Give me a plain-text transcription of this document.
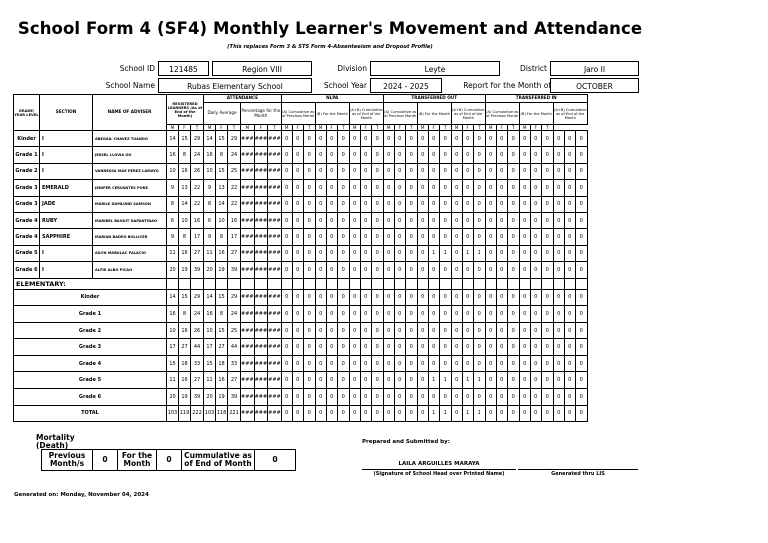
School Form 4 (SF4) Monthly Learner's Movement and Attendance
(This replaces Form 3 & STS Form 4-Absenteeism and Dropout Profile)
School ID	121485	Region VIII	Division	Leyte	District	Jaro II
School Name	Rubas Elementary School	School Year	2024 - 2025	Report for the Month of	OCTOBER
GRADE/ YEAR LEVEL	SECTION	NAME OF ADVISER	REGISTERED LEARNERS (As of End of the Month)			ATTENDANCE						NLPA									TRANSFERRED OUT									TRANSFERRED IN								
						Daily Average			Percentage for the Month			(A) Cumulative as of Previous Month			(B) For the Month			(A+B) Cumulative as of End of the Month			(A) Cumulative as of Previous Month			(B) For the Month			(A+B) Cumulative as of End of the Month			(A) Cumulative as of Previous Month			(B) For the Month			(A+B) Cumulative as of End of the Month		
			M	F	T	M	F	T	M	F	T	M	F	T	M	F	T	M	F	T	M	F	T	M	F	T	M	F	T	M	F	T	M	F	T			
Kinder	I	ABEGAIL CHAVEZ TUANDO	14	15	29	14	15	29	###	###	###	0	0	0	0	0	0	0	0	0	0	0	0	0	0	0	0	0	0	0	0	0	0	0	0	0	0	0
Grade 1	I	JESSEL LLOVIA OO	16	8	24	16	8	24	###	###	###	0	0	0	0	0	0	0	0	0	0	0	0	0	0	0	0	0	0	0	0	0	0	0	0	0	0	0
Grade 2	I	VANNESSA MAE PEREZ LAMAYO	10	16	26	10	15	25	###	###	###	0	0	0	0	0	0	0	0	0	0	0	0	0	0	0	0	0	0	0	0	0	0	0	0	0	0	0
Grade 3	EMERALD	JENIFER CERVANTES PORE	9	13	22	9	13	22	###	###	###	0	0	0	0	0	0	0	0	0	0	0	0	0	0	0	0	0	0	0	0	0	0	0	0	0	0	0
Grade 3	JADE	MARILE DUMLUND SAMSON	8	14	22	8	14	22	###	###	###	0	0	0	0	0	0	0	0	0	0	0	0	0	0	0	0	0	0	0	0	0	0	0	0	0	0	0
Grade 4	RUBY	MARIBEL BAGUIT DAPANTINAO	6	10	16	6	10	16	###	###	###	0	0	0	0	0	0	0	0	0	0	0	0	0	0	0	0	0	0	0	0	0	0	0	0	0	0	0
Grade 4	SAPPHIRE	MARIAN BADEO BOLLICER	9	8	17	9	8	17	###	###	###	0	0	0	0	0	0	0	0	0	0	0	0	0	0	0	0	0	0	0	0	0	0	0	0	0	0	0
Grade 5	I	AILYN MABULAC PALACIO	11	16	27	11	16	27	###	###	###	0	0	0	0	0	0	0	0	0	0	0	0	0	1	1	0	1	1	0	0	0	0	0	0	0	0	0
Grade 6	I	ALFIE ALBO PICAO	20	19	39	20	19	39	###	###	###	0	0	0	0	0	0	0	0	0	0	0	0	0	0	0	0	0	0	0	0	0	0	0	0	0	0	0
ELEMENTARY:																																						
Kinder			14	15	29	14	15	29	###	###	###	0	0	0	0	0	0	0	0	0	0	0	0	0	0	0	0	0	0	0	0	0	0	0	0	0	0	0
Grade 1			16	8	24	16	8	24	###	###	###	0	0	0	0	0	0	0	0	0	0	0	0	0	0	0	0	0	0	0	0	0	0	0	0	0	0	0
Grade 2			10	16	26	10	15	25	###	###	###	0	0	0	0	0	0	0	0	0	0	0	0	0	0	0	0	0	0	0	0	0	0	0	0	0	0	0
Grade 3			17	27	44	17	27	44	###	###	###	0	0	0	0	0	0	0	0	0	0	0	0	0	0	0	0	0	0	0	0	0	0	0	0	0	0	0
Grade 4			15	18	33	15	18	33	###	###	###	0	0	0	0	0	0	0	0	0	0	0	0	0	0	0	0	0	0	0	0	0	0	0	0	0	0	0
Grade 5			11	16	27	11	16	27	###	###	###	0	0	0	0	0	0	0	0	0	0	0	0	0	1	1	0	1	1	0	0	0	0	0	0	0	0	0
Grade 6			20	19	39	20	19	39	###	###	###	0	0	0	0	0	0	0	0	0	0	0	0	0	0	0	0	0	0	0	0	0	0	0	0	0	0	0
TOTAL			103	119	222	103	118	221	###	###	###	0	0	0	0	0	0	0	0	0	0	0	0	0	1	1	0	1	1	0	0	0	0	0	0	0	0	0
Mortality (Death)
Previous Month/s	0	For the Month	0	Cummulative as of End of Month	0
Prepared and Submitted by:
LAILA ARGUILLES MARAYA
(Signature of School Head over Printed Name)	Generated thru LIS
Generated on: Monday, November 04, 2024
